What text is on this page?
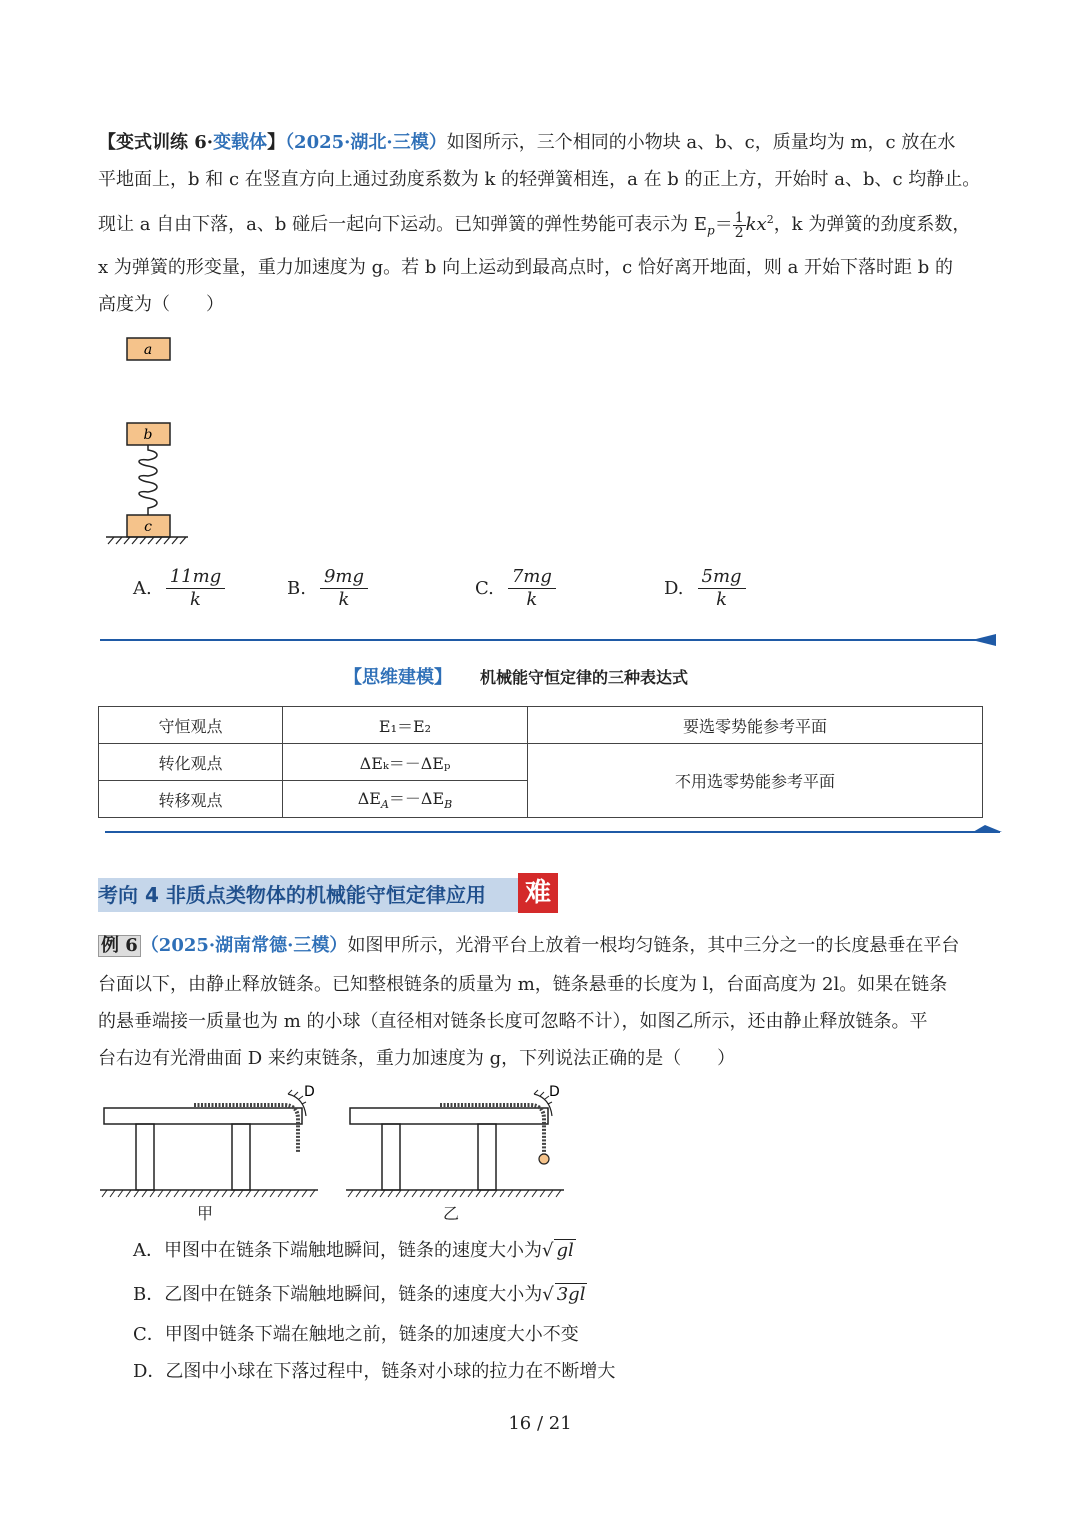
【变式训练 6·变载体】（2025·湖北·三模）如图所示，三个相同的小物块 a、b、c，质量均为 m，c 放在水
平地面上，b 和 c 在竖直方向上通过劲度系数为 k 的轻弹簧相连，a 在 b 的正上方，开始时 a、b、c 均静止。
现让 a 自由下落，a、b 碰后一起向下运动。已知弹簧的弹性势能可表示为 $E_p= \frac{1}{2} kx^2$，k 为弹簧的劲度系数，
x 为弹簧的形变量，重力加速度为 g。若 b 向上运动到最高点时，c 恰好离开地面，则 a 开始下落时距 b 的
高度为（　　）
a
b
c
A. $\frac{11mg}{k}$	B. $\frac{9mg}{k}$	C. $\frac{7mg}{k}$	D. $\frac{5mg}{k}$
【思维建模】 机械能守恒定律的三种表达式
守恒观点	E₁＝E₂	要选零势能参考平面
转化观点	ΔEₖ＝－ΔEₚ	不用选零势能参考平面
转移观点	$\Delta E_A=-\Delta E_B$
考向 4 非质点类物体的机械能守恒定律应用	难
例 6 （2025·湖南常德·三模）如图甲所示，光滑平台上放着一根均匀链条，其中三分之一的长度悬垂在平台
台面以下，由静止释放链条。已知整根链条的质量为 m，链条悬垂的长度为 l，台面高度为 2l。如果在链条
的悬垂端接一质量也为 m 的小球（直径相对链条长度可忽略不计），如图乙所示，还由静止释放链条。平
台右边有光滑曲面 D 来约束链条，重力加速度为 g，下列说法正确的是（　　）
D
甲
D
乙
A．甲图中在链条下端触地瞬间，链条的速度大小为√ gl
B．乙图中在链条下端触地瞬间，链条的速度大小为√ 3gl
C．甲图中链条下端在触地之前，链条的加速度大小不变
D．乙图中小球在下落过程中，链条对小球的拉力在不断增大
16 / 21
